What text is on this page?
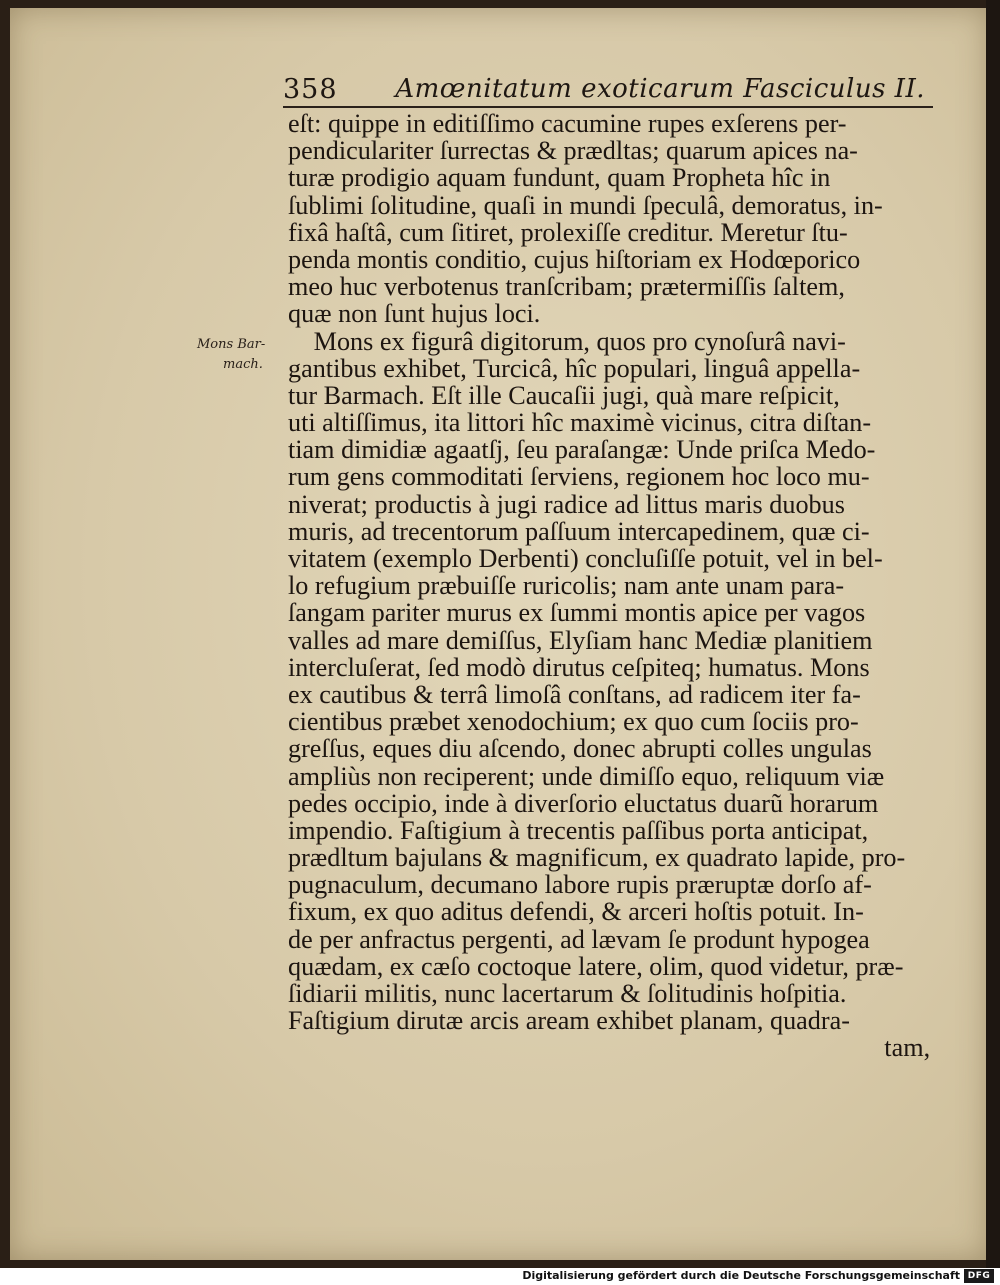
358 Amœnitatum exoticarum Fasciculus II.
Mons Bar-
mach.
eſt: quippe in editiſſimo cacumine rupes exſerens per-
pendiculariter ſurrectas & prædltas; quarum apices na-
turæ prodigio aquam fundunt, quam Propheta hîc in
ſublimi ſolitudine, quaſi in mundi ſpeculâ, demoratus, in-
fixâ haſtâ, cum ſitiret, prolexiſſe creditur. Meretur ſtu-
penda montis conditio, cujus hiſtoriam ex Hodœporico
meo huc verbotenus tranſcribam; prætermiſſis ſaltem,
quæ non ſunt hujus loci.
Mons ex figurâ digitorum, quos pro cynoſurâ navi-
gantibus exhibet, Turcicâ, hîc populari, linguâ appella-
tur Barmach. Eſt ille Caucaſii jugi, quà mare reſpicit,
uti altiſſimus, ita littori hîc maximè vicinus, citra diſtan-
tiam dimidiæ agaatſj, ſeu paraſangæ: Unde priſca Medo-
rum gens commoditati ſerviens, regionem hoc loco mu-
niverat; productis à jugi radice ad littus maris duobus
muris, ad trecentorum paſſuum intercapedinem, quæ ci-
vitatem (exemplo Derbenti) concluſiſſe potuit, vel in bel-
lo refugium præbuiſſe ruricolis; nam ante unam para-
ſangam pariter murus ex ſummi montis apice per vagos
valles ad mare demiſſus, Elyſiam hanc Mediæ planitiem
intercluſerat, ſed modò dirutus ceſpiteq; humatus. Mons
ex cautibus & terrâ limoſâ conſtans, ad radicem iter fa-
cientibus præbet xenodochium; ex quo cum ſociis pro-
greſſus, eques diu aſcendo, donec abrupti colles ungulas
ampliùs non reciperent; unde dimiſſo equo, reliquum viæ
pedes occipio, inde à diverſorio eluctatus duarũ horarum
impendio. Faſtigium à trecentis paſſibus porta anticipat,
prædltum bajulans & magnificum, ex quadrato lapide, pro-
pugnaculum, decumano labore rupis præruptæ dorſo af-
fixum, ex quo aditus defendi, & arceri hoſtis potuit. In-
de per anfractus pergenti, ad lævam ſe produnt hypogea
quædam, ex cæſo coctoque latere, olim, quod videtur, præ-
ſidiarii militis, nunc lacertarum & ſolitudinis hoſpitia.
Faſtigium dirutæ arcis aream exhibet planam, quadra-
tam,
Digitalisierung gefördert durch die Deutsche Forschungsgemeinschaft DFG
